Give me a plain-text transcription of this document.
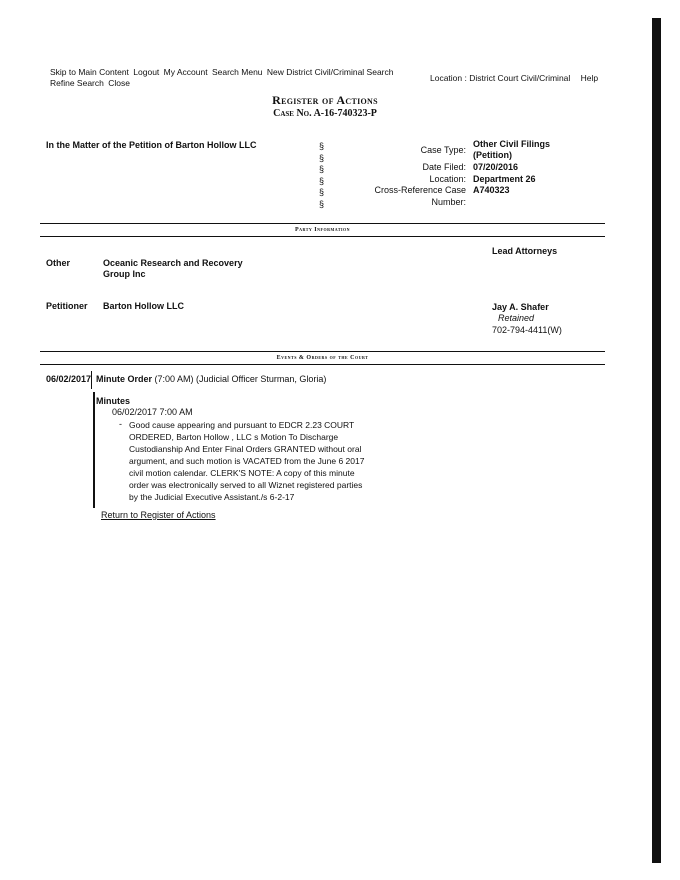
Skip to Main Content Logout My Account Search Menu New District Civil/Criminal Search Refine Search Close	Location : District Court Civil/Criminal Help
Register of Actions
Case No. A-16-740323-P
In the Matter of the Petition of Barton Hollow LLC	§
§
§
§
§
§
Case Type:
Other Civil Filings
(Petition)
Date Filed: 07/20/2016
Location: Department 26
Cross-Reference Case A740323
Number:
Party Information
Lead Attorneys
Other	Oceanic Research and Recovery
Group Inc
Petitioner Barton Hollow LLC	Jay A. Shafer
Retained
702-794-4411(W)
Events & Orders of the Court
06/02/2017 Minute Order (7:00 AM) (Judicial Officer Sturman, Gloria)
Minutes
06/02/2017 7:00 AM
- Good cause appearing and pursuant to EDCR 2.23 COURT
ORDERED, Barton Hollow , LLC s Motion To Discharge
Custodianship And Enter Final Orders GRANTED without oral
argument, and such motion is VACATED from the June 6 2017
civil motion calendar. CLERK'S NOTE: A copy of this minute
order was electronically served to all Wiznet registered parties
by the Judicial Executive Assistant./s 6-2-17
Return to Register of Actions
